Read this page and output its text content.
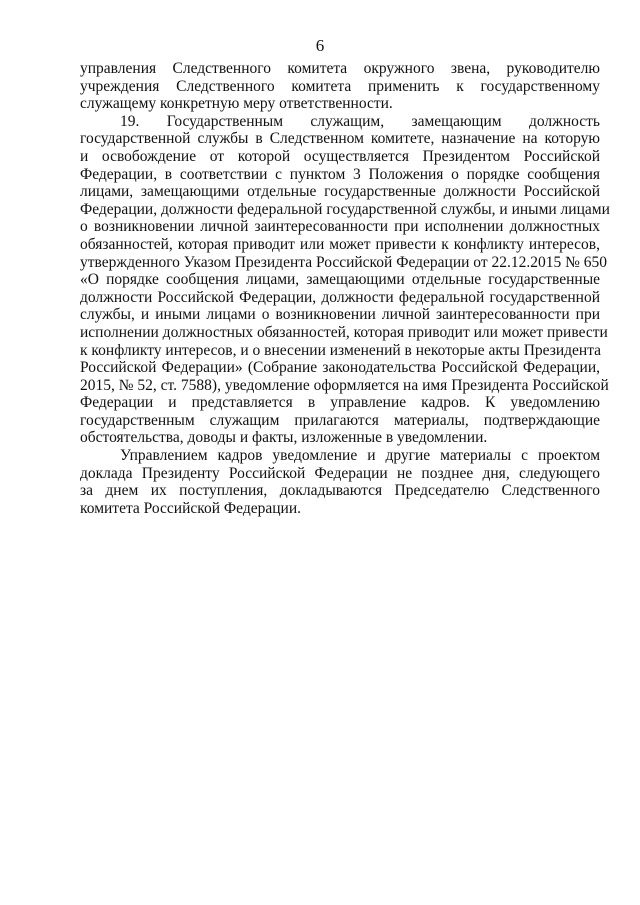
6
управления Следственного комитета окружного звена, руководителю
учреждения Следственного комитета применить к государственному
служащему конкретную меру ответственности.
19. Государственным служащим, замещающим должность
государственной службы в Следственном комитете, назначение на которую
и освобождение от которой осуществляется Президентом Российской
Федерации, в соответствии с пунктом 3 Положения о порядке сообщения
лицами, замещающими отдельные государственные должности Российской
Федерации, должности федеральной государственной службы, и иными лицами
о возникновении личной заинтересованности при исполнении должностных
обязанностей, которая приводит или может привести к конфликту интересов,
утвержденного Указом Президента Российской Федерации от 22.12.2015 № 650
«О порядке сообщения лицами, замещающими отдельные государственные
должности Российской Федерации, должности федеральной государственной
службы, и иными лицами о возникновении личной заинтересованности при
исполнении должностных обязанностей, которая приводит или может привести
к конфликту интересов, и о внесении изменений в некоторые акты Президента
Российской Федерации» (Собрание законодательства Российской Федерации,
2015, № 52, ст. 7588), уведомление оформляется на имя Президента Российской
Федерации и представляется в управление кадров. К уведомлению
государственным служащим прилагаются материалы, подтверждающие
обстоятельства, доводы и факты, изложенные в уведомлении.
Управлением кадров уведомление и другие материалы с проектом
доклада Президенту Российской Федерации не позднее дня, следующего
за днем их поступления, докладываются Председателю Следственного
комитета Российской Федерации.
